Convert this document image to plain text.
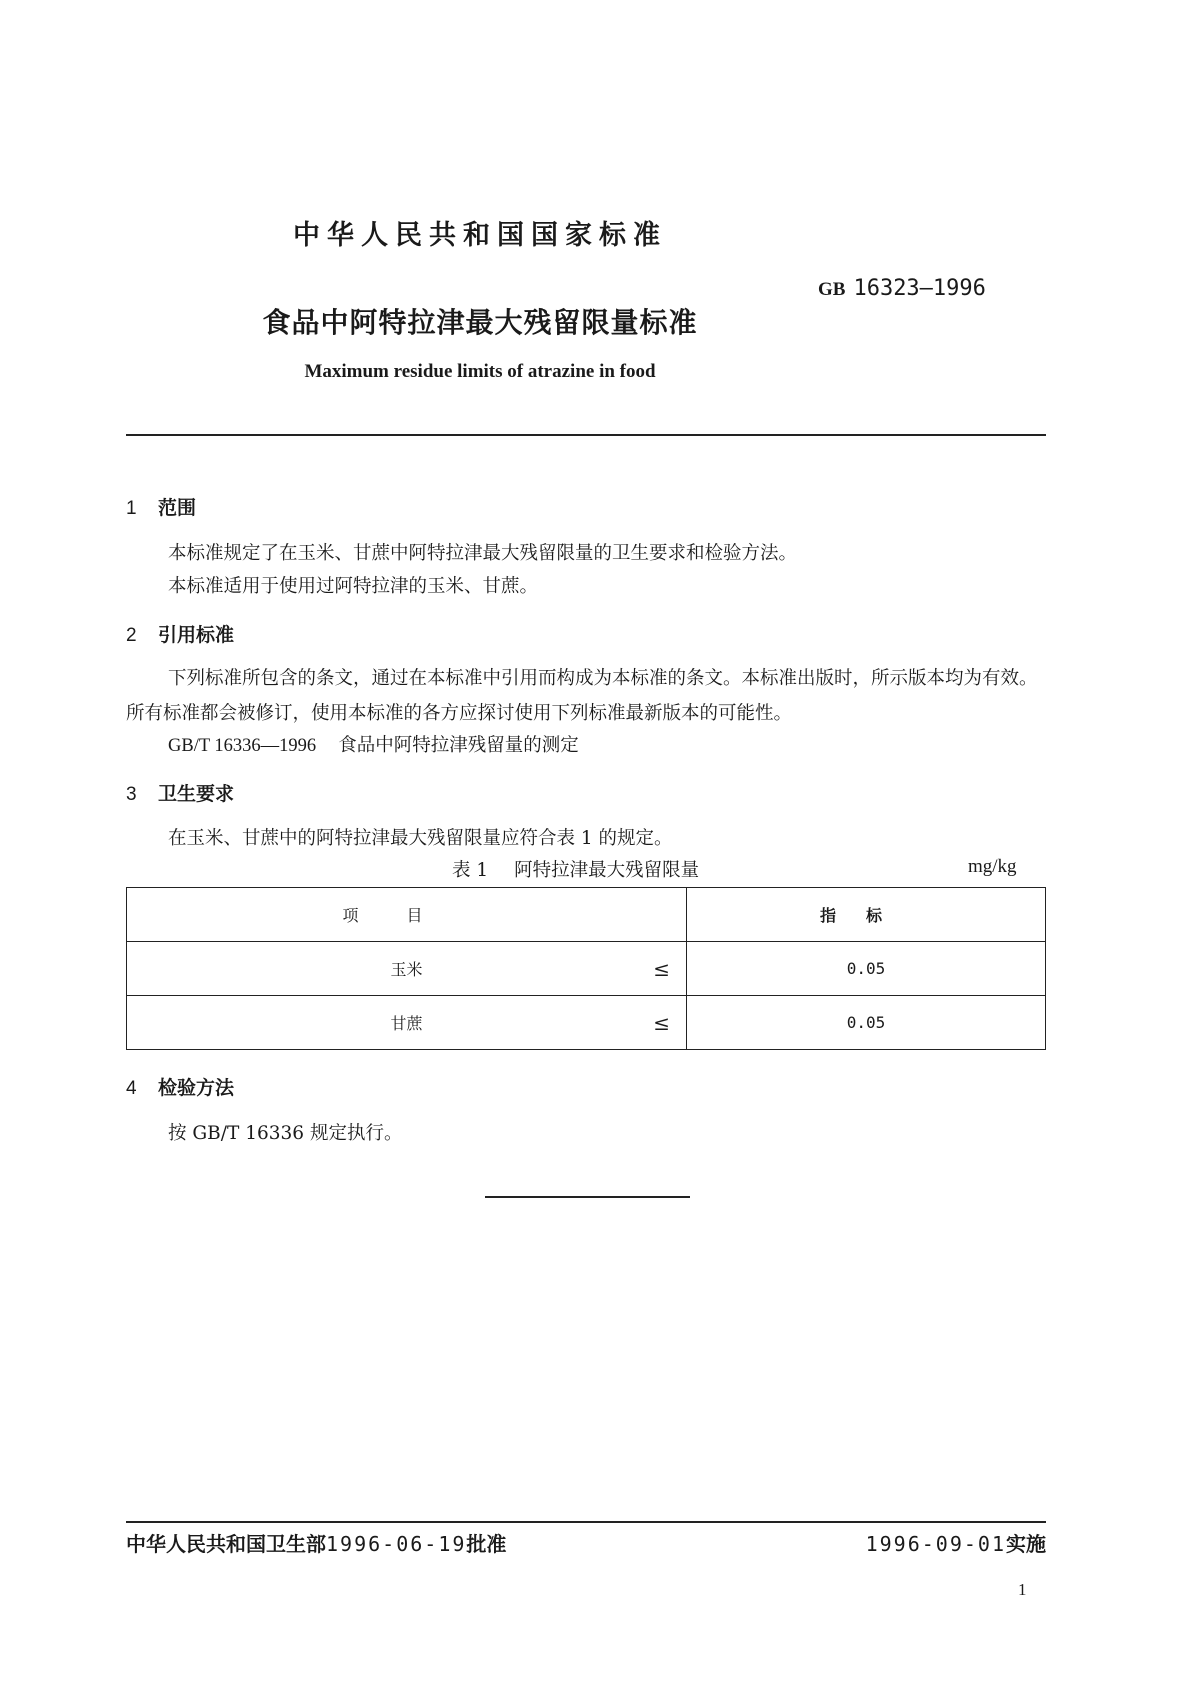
中华人民共和国国家标准
GB 16323—1996
食品中阿特拉津最大残留限量标准
Maximum residue limits of atrazine in food
1 范围
本标准规定了在玉米、甘蔗中阿特拉津最大残留限量的卫生要求和检验方法。
本标准适用于使用过阿特拉津的玉米、甘蔗。
2 引用标准
下列标准所包含的条文，通过在本标准中引用而构成为本标准的条文。本标准出版时，所示版本均为有效。所有标准都会被修订，使用本标准的各方应探讨使用下列标准最新版本的可能性。
GB/T 16336—1996 食品中阿特拉津残留量的测定
3 卫生要求
在玉米、甘蔗中的阿特拉津最大残留限量应符合表 1 的规定。
表 1 阿特拉津最大残留限量	mg/kg
项目	指标
玉米 ≤	0.05
甘蔗 ≤	0.05
4 检验方法
按 GB/T 16336 规定执行。
中华人民共和国卫生部1996-06-19批准	1996-09-01实施
1
